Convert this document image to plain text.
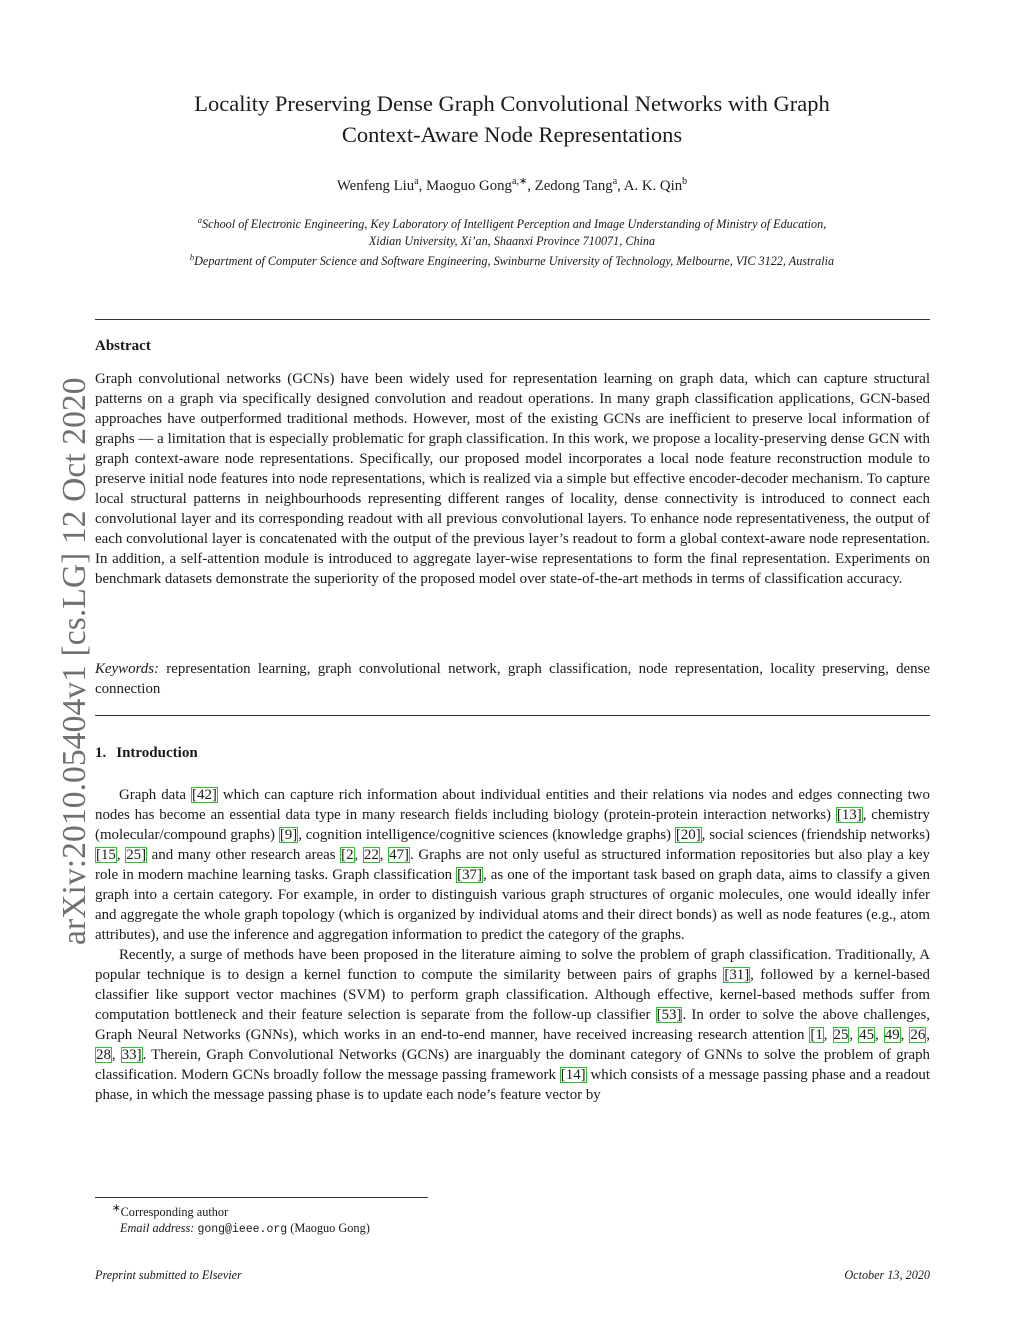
arXiv:2010.05404v1 [cs.LG] 12 Oct 2020
Locality Preserving Dense Graph Convolutional Networks with Graph
Context-Aware Node Representations
Wenfeng Liu$^a$, Maoguo Gong$^{a,∗}$, Zedong Tang$^a$, A. K. Qin$^b$
$^a$School of Electronic Engineering, Key Laboratory of Intelligent Perception and Image Understanding of Ministry of Education,
Xidian University, Xi’an, Shaanxi Province 710071, China
$^b$Department of Computer Science and Software Engineering, Swinburne University of Technology, Melbourne, VIC 3122, Australia
Abstract
Graph convolutional networks (GCNs) have been widely used for representation learning on graph data, which can capture structural patterns on a graph via specifically designed convolution and readout operations. In many graph classification applications, GCN-based approaches have outperformed traditional methods. However, most of the existing GCNs are inefficient to preserve local information of graphs — a limitation that is especially problematic for graph classification. In this work, we propose a locality-preserving dense GCN with graph context-aware node representations. Specifically, our proposed model incorporates a local node feature reconstruction module to preserve initial node features into node representations, which is realized via a simple but effective encoder-decoder mechanism. To capture local structural patterns in neighbourhoods representing different ranges of locality, dense connectivity is introduced to connect each convolutional layer and its corresponding readout with all previous convolutional layers. To enhance node representativeness, the output of each convolutional layer is concatenated with the output of the previous layer’s readout to form a global context-aware node representation. In addition, a self-attention module is introduced to aggregate layer-wise representations to form the final representation. Experiments on benchmark datasets demonstrate the superiority of the proposed model over state-of-the-art methods in terms of classification accuracy.
Keywords: representation learning, graph convolutional network, graph classification, node representation, locality preserving, dense connection
1. Introduction

Graph data [42] which can capture rich information about individual entities and their relations via nodes and edges connecting two nodes has become an essential data type in many research fields including biology (protein-protein interaction networks) [13], chemistry (molecular/compound graphs) [9], cognition intelligence/cognitive sciences (knowledge graphs) [20], social sciences (friendship networks) [15, 25] and many other research areas [2, 22, 47]. Graphs are not only useful as structured information repositories but also play a key role in modern machine learning tasks. Graph classification [37], as one of the important task based on graph data, aims to classify a given graph into a certain category. For example, in order to distinguish various graph structures of organic molecules, one would ideally infer and aggregate the whole graph topology (which is organized by individual atoms and their direct bonds) as well as node features (e.g., atom attributes), and use the inference and aggregation information to predict the category of the graphs.

Recently, a surge of methods have been proposed in the literature aiming to solve the problem of graph classification. Traditionally, A popular technique is to design a kernel function to compute the similarity between pairs of graphs [31], followed by a kernel-based classifier like support vector machines (SVM) to perform graph classification. Although effective, kernel-based methods suffer from computation bottleneck and their feature selection is separate from the follow-up classifier [53]. In order to solve the above challenges, Graph Neural Networks (GNNs), which works in an end-to-end manner, have received increasing research attention [1, 25, 45, 49, 26, 28, 33]. Therein, Graph Convolutional Networks (GCNs) are inarguably the dominant category of GNNs to solve the problem of graph classification. Modern GCNs broadly follow the message passing framework [14] which consists of a message passing phase and a readout phase, in which the message passing phase is to update each node’s feature vector by

∗Corresponding author
Email address: gong@ieee.org (Maoguo Gong)
Preprint submitted to Elsevier	October 13, 2020
